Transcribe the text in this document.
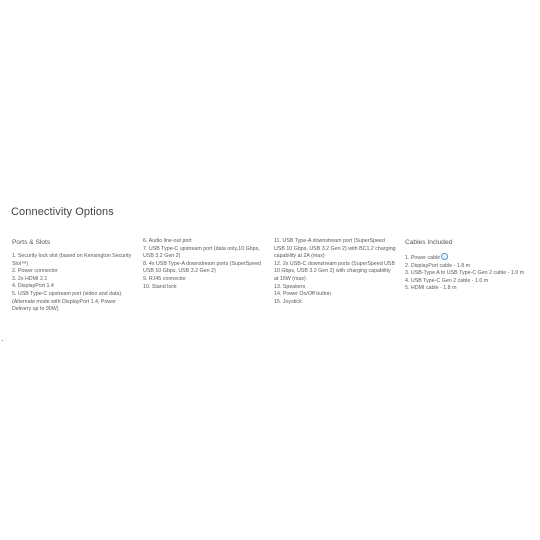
Connectivity Options
Ports & Slots
1. Security lock slot (based on Kensington Security Slot™)
2. Power connector
3. 2x HDMI 2.1
4. DisplayPort 1.4
5. USB Type-C upstream port (video and data). (Alternate mode with DisplayPort 1.4, Power Delivery up to 90W)
6. Audio line-out port
7. USB Type-C upstream port (data only,10 Gbps, USB 3.2 Gen 2)
8. 4x USB Type-A downstream ports (SuperSpeed USB 10 Gbps, USB 3.2 Gen 2)
9. RJ45 connector
10. Stand lock
11. USB Type-A downstream port (SuperSpeed USB 10 Gbps, USB 3.2 Gen 2) with BC1.2 charging capability at 2A (max)
12. 2x USB-C downstream ports (SuperSpeed USB 10 Gbps, USB 3.2 Gen 2) with charging capability at 15W (max)
13. Speakers
14. Power On/Off button
15. Joystick
Cables Included
1. Power cable i
2. DisplayPort cable - 1.8 m
3. USB-Type A to USB Type-C Gen 2 cable - 1.0 m
4. USB Type-C Gen 2 cable - 1.0 m
5. HDMI cable - 1.8 m
